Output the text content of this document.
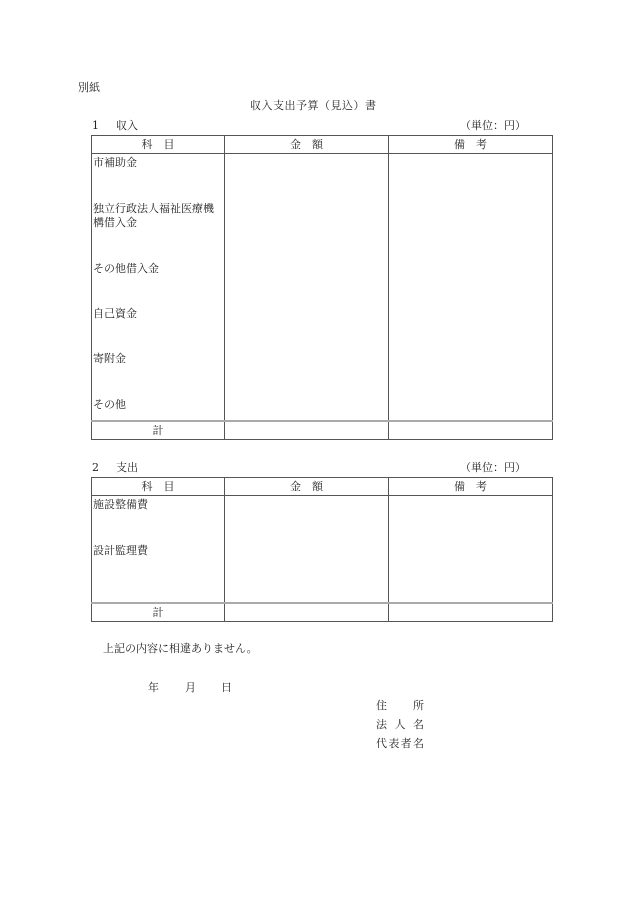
別紙
収入支出予算（見込）書
1 収入	（単位：円）
科　目	金　額	備　考

市補助金
独立行政法人福祉医療機構借入金
その他借入金
自己資金
寄附金
その他

計		
2 支出	（単位：円）
科　目	金　額	備　考

施設整備費
設計監理費		

計		
上記の内容に相違ありません。
年 月 日
住 所
法 人 名
代 表 者 名
